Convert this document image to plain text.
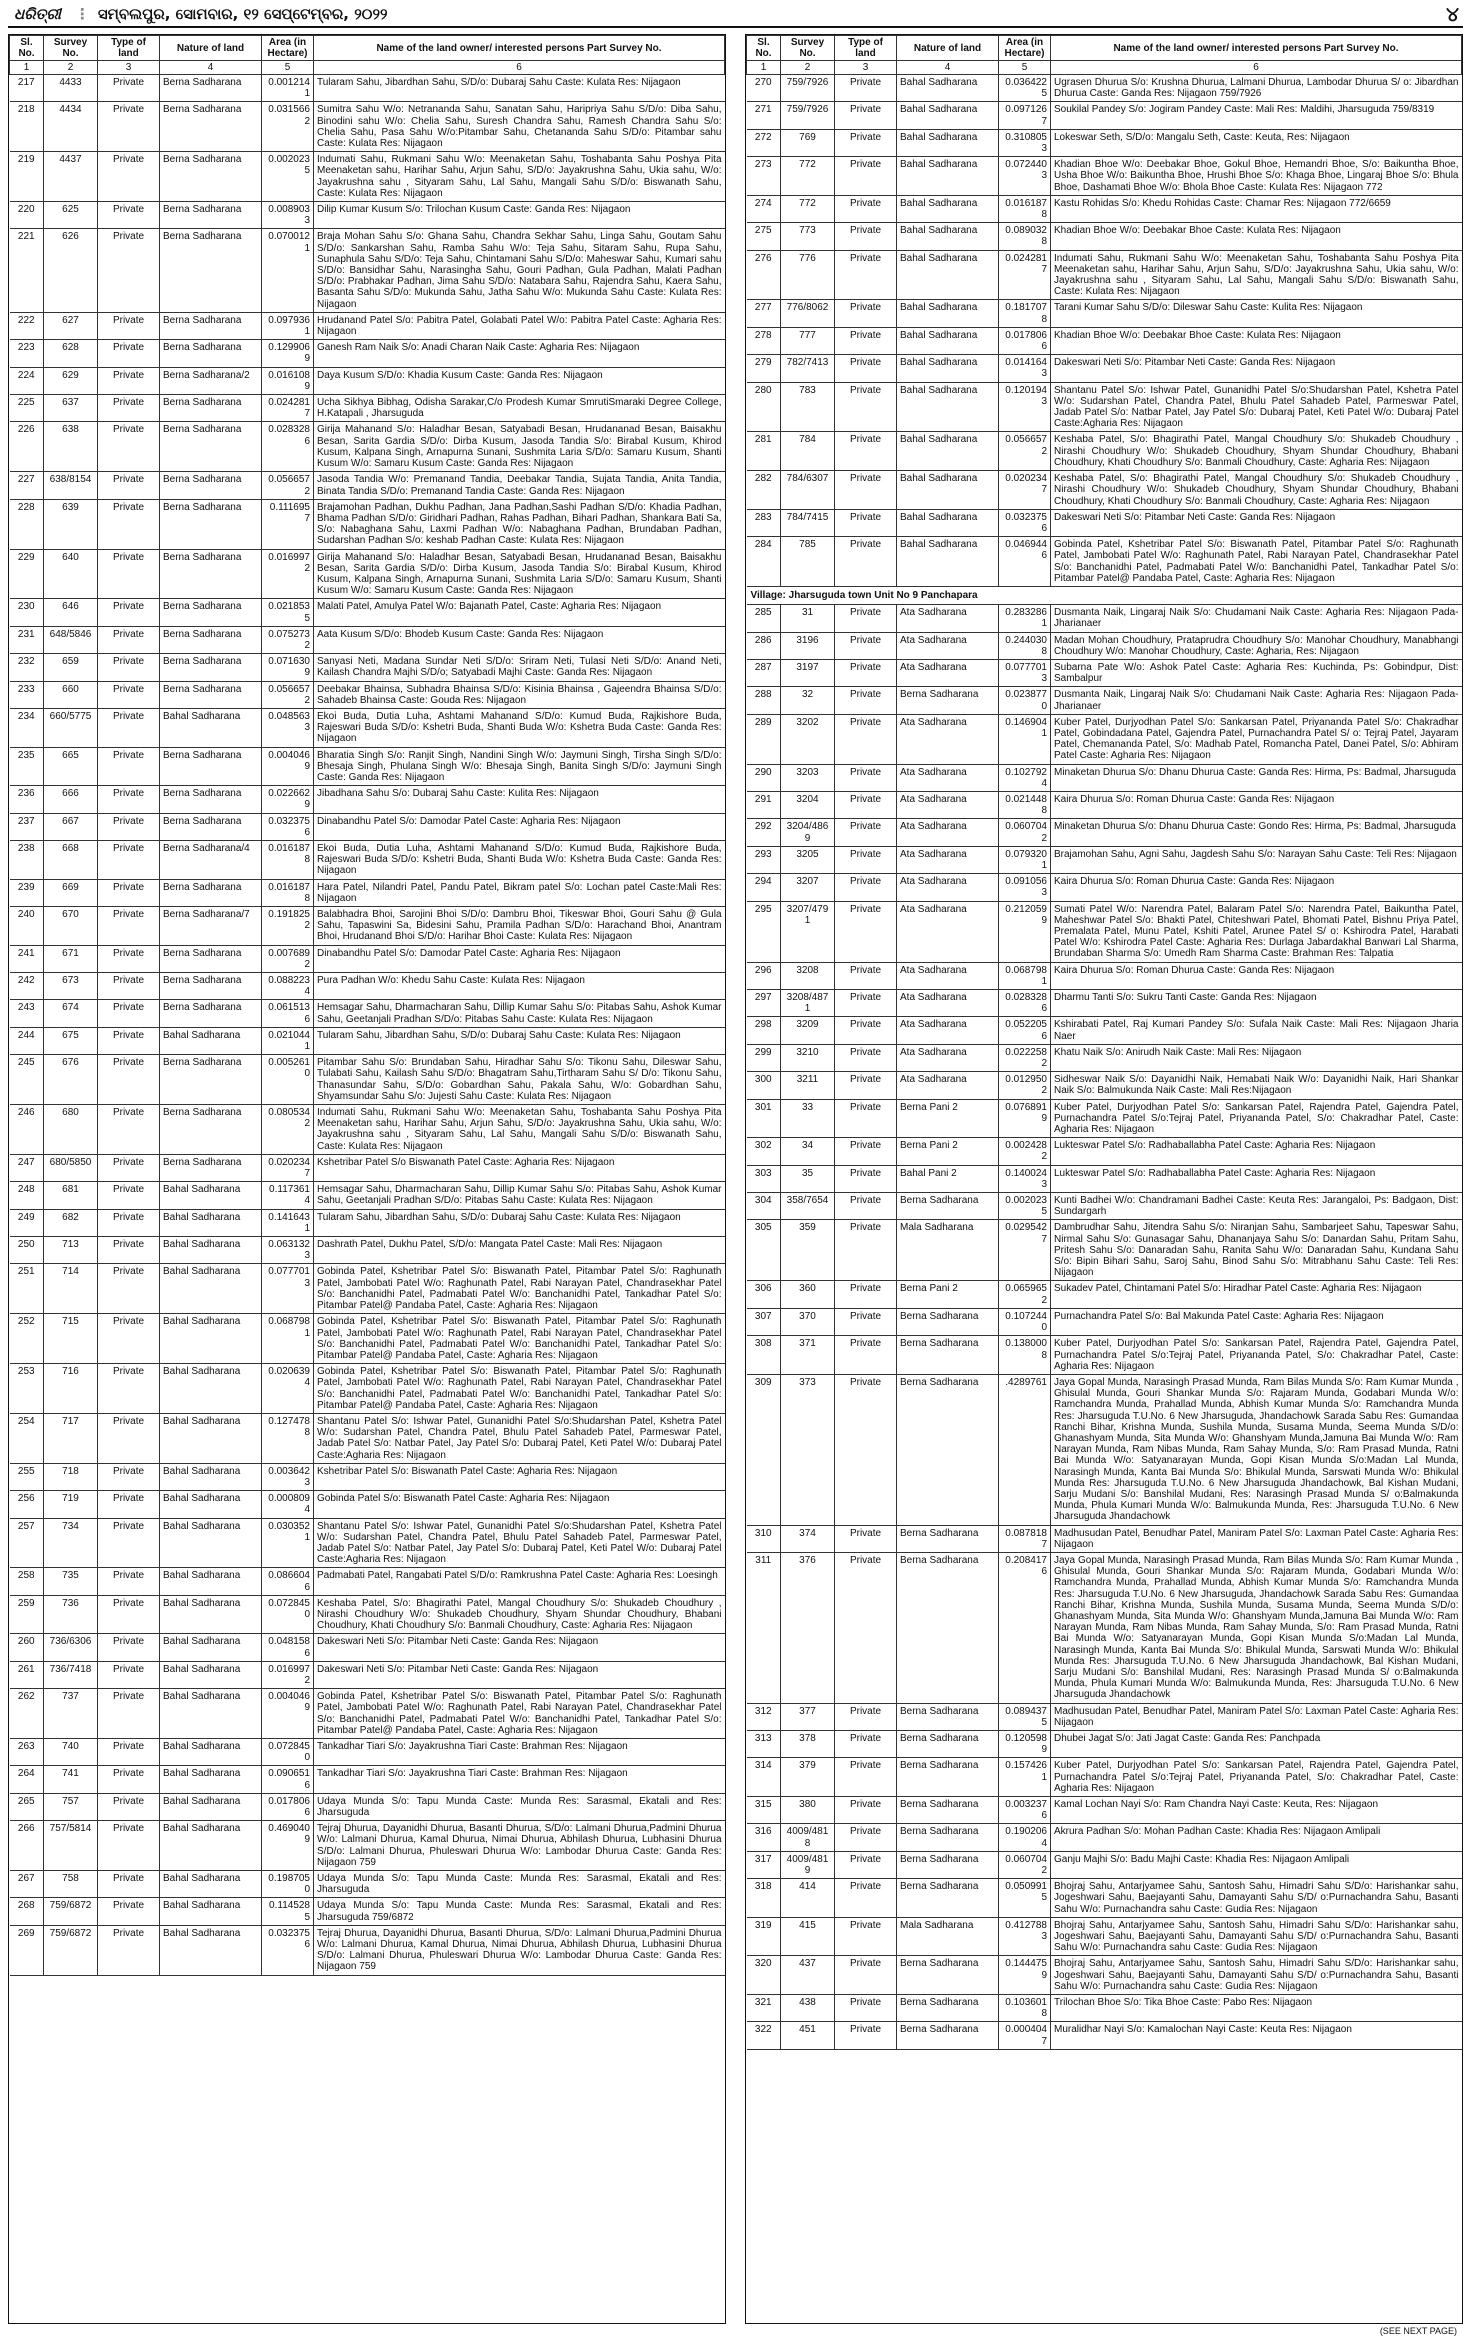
ଧରିତ୍ରୀ ⋮ ସମ୍ବଲପୁର, ସୋମବାର, ୧୨ ସେପ୍ଟେମ୍ବର, ୨୦୨୨	୪
Sl. No.	Survey No.	Type of land	Nature of land	Area (in Hectare)	Name of the land owner/ interested persons Part Survey No.
1	2	3	4	5	6
217	4433	Private	Berna Sadharana	0.0012141	Tularam Sahu, Jibardhan Sahu, S/D/o: Dubaraj Sahu Caste: Kulata Res: Nijagaon
218	4434	Private	Berna Sadharana	0.0315662	Sumitra Sahu W/o: Netrananda Sahu, Sanatan Sahu, Haripriya Sahu S/D/o: Diba Sahu, Binodini sahu W/o: Chelia Sahu, Suresh Chandra Sahu, Ramesh Chandra Sahu S/o: Chelia Sahu, Pasa Sahu W/o:Pitambar Sahu, Chetananda Sahu S/D/o: Pitambar sahu Caste: Kulata Res: Nijagaon
219	4437	Private	Berna Sadharana	0.0020235	Indumati Sahu, Rukmani Sahu W/o: Meenaketan Sahu, Toshabanta Sahu Poshya Pita Meenaketan sahu, Harihar Sahu, Arjun Sahu, S/D/o: Jayakrushna Sahu, Ukia sahu, W/o: Jayakrushna sahu , Sityaram Sahu, Lal Sahu, Mangali Sahu S/D/o: Biswanath Sahu, Caste: Kulata Res: Nijagaon
220	625	Private	Berna Sadharana	0.0089033	Dilip Kumar Kusum S/o: Trilochan Kusum Caste: Ganda Res: Nijagaon
221	626	Private	Berna Sadharana	0.0700121	Braja Mohan Sahu S/o: Ghana Sahu, Chandra Sekhar Sahu, Linga Sahu, Goutam Sahu S/D/o: Sankarshan Sahu, Ramba Sahu W/o: Teja Sahu, Sitaram Sahu, Rupa Sahu, Sunaphula Sahu S/D/o: Teja Sahu, Chintamani Sahu S/D/o: Maheswar Sahu, Kumari sahu S/D/o: Bansidhar Sahu, Narasingha Sahu, Gouri Padhan, Gula Padhan, Malati Padhan S/D/o: Prabhakar Padhan, Jima Sahu S/D/o: Natabara Sahu, Rajendra Sahu, Kaera Sahu, Basanta Sahu S/D/o: Mukunda Sahu, Jatha Sahu W/o: Mukunda Sahu Caste: Kulata Res: Nijagaon
222	627	Private	Berna Sadharana	0.0979361	Hrudanand Patel S/o: Pabitra Patel, Golabati Patel W/o: Pabitra Patel Caste: Agharia Res: Nijagaon
223	628	Private	Berna Sadharana	0.1299069	Ganesh Ram Naik S/o: Anadi Charan Naik Caste: Agharia Res: Nijagaon
224	629	Private	Berna Sadharana/2	0.0161089	Daya Kusum S/D/o: Khadia Kusum Caste: Ganda Res: Nijagaon
225	637	Private	Berna Sadharana	0.0242817	Ucha Sikhya Bibhag, Odisha Sarakar,C/o Prodesh Kumar SmrutiSmaraki Degree College, H.Katapali , Jharsuguda
226	638	Private	Berna Sadharana	0.0283286	Girija Mahanand S/o: Haladhar Besan, Satyabadi Besan, Hrudananad Besan, Baisakhu Besan, Sarita Gardia S/D/o: Dirba Kusum, Jasoda Tandia S/o: Birabal Kusum, Khirod Kusum, Kalpana Singh, Arnapurna Sunani, Sushmita Laria S/D/o: Samaru Kusum, Shanti Kusum W/o: Samaru Kusum Caste: Ganda Res: Nijagaon
227	638/8154	Private	Berna Sadharana	0.0566572	Jasoda Tandia W/o: Premanand Tandia, Deebakar Tandia, Sujata Tandia, Anita Tandia, Binata Tandia S/D/o: Premanand Tandia Caste: Ganda Res: Nijagaon
228	639	Private	Berna Sadharana	0.1116957	Brajamohan Padhan, Dukhu Padhan, Jana Padhan,Sashi Padhan S/D/o: Khadia Padhan, Bhama Padhan S/D/o: Giridhari Padhan, Rahas Padhan, Bihari Padhan, Shankara Bati Sa, S/o: Nabaghana Sahu, Laxmi Padhan W/o: Nabaghana Padhan, Brundaban Padhan, Sudarshan Padhan S/o: keshab Padhan Caste: Kulata Res: Nijagaon
229	640	Private	Berna Sadharana	0.0169972	Girija Mahanand S/o: Haladhar Besan, Satyabadi Besan, Hrudananad Besan, Baisakhu Besan, Sarita Gardia S/D/o: Dirba Kusum, Jasoda Tandia S/o: Birabal Kusum, Khirod Kusum, Kalpana Singh, Arnapurna Sunani, Sushmita Laria S/D/o: Samaru Kusum, Shanti Kusum W/o: Samaru Kusum Caste: Ganda Res: Nijagaon
230	646	Private	Berna Sadharana	0.0218535	Malati Patel, Amulya Patel W/o: Bajanath Patel, Caste: Agharia Res: Nijagaon
231	648/5846	Private	Berna Sadharana	0.0752732	Aata Kusum S/D/o: Bhodeb Kusum Caste: Ganda Res: Nijagaon
232	659	Private	Berna Sadharana	0.0716309	Sanyasi Neti, Madana Sundar Neti S/D/o: Sriram Neti, Tulasi Neti S/D/o: Anand Neti, Kailash Chandra Majhi S/D/o; Satyabadi Majhi Caste: Ganda Res: Nijagaon
233	660	Private	Berna Sadharana	0.0566572	Deebakar Bhainsa, Subhadra Bhainsa S/D/o: Kisinia Bhainsa , Gajeendra Bhainsa S/D/o: Sahadeb Bhainsa Caste: Gouda Res: Nijagaon
234	660/5775	Private	Bahal Sadharana	0.0485633	Ekoi Buda, Dutia Luha, Ashtami Mahanand S/D/o: Kumud Buda, Rajkishore Buda, Rajeswari Buda S/D/o: Kshetri Buda, Shanti Buda W/o: Kshetra Buda Caste: Ganda Res: Nijagaon
235	665	Private	Berna Sadharana	0.0040469	Bharatia Singh S/o: Ranjit Singh, Nandini Singh W/o: Jaymuni Singh, Tirsha Singh S/D/o: Bhesaja Singh, Phulana Singh W/o: Bhesaja Singh, Banita Singh S/D/o: Jaymuni Singh Caste: Ganda Res: Nijagaon
236	666	Private	Berna Sadharana	0.0226629	Jibadhana Sahu S/o: Dubaraj Sahu Caste: Kulita Res: Nijagaon
237	667	Private	Berna Sadharana	0.0323756	Dinabandhu Patel S/o: Damodar Patel Caste: Agharia Res: Nijagaon
238	668	Private	Berna Sadharana/4	0.0161878	Ekoi Buda, Dutia Luha, Ashtami Mahanand S/D/o: Kumud Buda, Rajkishore Buda, Rajeswari Buda S/D/o: Kshetri Buda, Shanti Buda W/o: Kshetra Buda Caste: Ganda Res: Nijagaon
239	669	Private	Berna Sadharana	0.0161878	Hara Patel, Nilandri Patel, Pandu Patel, Bikram patel S/o: Lochan patel Caste:Mali Res: Nijagaon
240	670	Private	Berna Sadharana/7	0.1918252	Balabhadra Bhoi, Sarojini Bhoi S/D/o: Dambru Bhoi, Tikeswar Bhoi, Gouri Sahu @ Gula Sahu, Tapaswini Sa, Bidesini Sahu, Pramila Padhan S/D/o: Harachand Bhoi, Anantram Bhoi, Hrudanand Bhoi S/D/o: Harihar Bhoi Caste: Kulata Res: Nijagaon
241	671	Private	Berna Sadharana	0.0076892	Dinabandhu Patel S/o: Damodar Patel Caste: Agharia Res: Nijagaon
242	673	Private	Berna Sadharana	0.0882234	Pura Padhan W/o: Khedu Sahu Caste: Kulata Res: Nijagaon
243	674	Private	Berna Sadharana	0.0615136	Hemsagar Sahu, Dharmacharan Sahu, Dillip Kumar Sahu S/o: Pitabas Sahu, Ashok Kumar Sahu, Geetanjali Pradhan S/D/o: Pitabas Sahu Caste: Kulata Res: Nijagaon
244	675	Private	Bahal Sadharana	0.0210441	Tularam Sahu, Jibardhan Sahu, S/D/o: Dubaraj Sahu Caste: Kulata Res: Nijagaon
245	676	Private	Berna Sadharana	0.0052610	Pitambar Sahu S/o: Brundaban Sahu, Hiradhar Sahu S/o: Tikonu Sahu, Dileswar Sahu, Tulabati Sahu, Kailash Sahu S/D/o: Bhagatram Sahu,Tirtharam Sahu S/ D/o: Tikonu Sahu, Thanasundar Sahu, S/D/o: Gobardhan Sahu, Pakala Sahu, W/o: Gobardhan Sahu, Shyamsundar Sahu S/o: Jujesti Sahu Caste: Kulata Res: Nijagaon
246	680	Private	Berna Sadharana	0.0805342	Indumati Sahu, Rukmani Sahu W/o: Meenaketan Sahu, Toshabanta Sahu Poshya Pita Meenaketan sahu, Harihar Sahu, Arjun Sahu, S/D/o: Jayakrushna Sahu, Ukia sahu, W/o: Jayakrushna sahu , Sityaram Sahu, Lal Sahu, Mangali Sahu S/D/o: Biswanath Sahu, Caste: Kulata Res: Nijagaon
247	680/5850	Private	Berna Sadharana	0.0202347	Kshetribar Patel S/o Biswanath Patel Caste: Agharia Res: Nijagaon
248	681	Private	Bahal Sadharana	0.1173614	Hemsagar Sahu, Dharmacharan Sahu, Dillip Kumar Sahu S/o: Pitabas Sahu, Ashok Kumar Sahu, Geetanjali Pradhan S/D/o: Pitabas Sahu Caste: Kulata Res: Nijagaon
249	682	Private	Bahal Sadharana	0.1416431	Tularam Sahu, Jibardhan Sahu, S/D/o: Dubaraj Sahu Caste: Kulata Res: Nijagaon
250	713	Private	Bahal Sadharana	0.0631323	Dashrath Patel, Dukhu Patel, S/D/o: Mangata Patel Caste: Mali Res: Nijagaon
251	714	Private	Bahal Sadharana	0.0777013	Gobinda Patel, Kshetribar Patel S/o: Biswanath Patel, Pitambar Patel S/o: Raghunath Patel, Jambobati Patel W/o: Raghunath Patel, Rabi Narayan Patel, Chandrasekhar Patel S/o: Banchanidhi Patel, Padmabati Patel W/o: Banchanidhi Patel, Tankadhar Patel S/o: Pitambar Patel@ Pandaba Patel, Caste: Agharia Res: Nijagaon
252	715	Private	Bahal Sadharana	0.0687981	Gobinda Patel, Kshetribar Patel S/o: Biswanath Patel, Pitambar Patel S/o: Raghunath Patel, Jambobati Patel W/o: Raghunath Patel, Rabi Narayan Patel, Chandrasekhar Patel S/o: Banchanidhi Patel, Padmabati Patel W/o: Banchanidhi Patel, Tankadhar Patel S/o: Pitambar Patel@ Pandaba Patel, Caste: Agharia Res: Nijagaon
253	716	Private	Bahal Sadharana	0.0206394	Gobinda Patel, Kshetribar Patel S/o: Biswanath Patel, Pitambar Patel S/o: Raghunath Patel, Jambobati Patel W/o: Raghunath Patel, Rabi Narayan Patel, Chandrasekhar Patel S/o: Banchanidhi Patel, Padmabati Patel W/o: Banchanidhi Patel, Tankadhar Patel S/o: Pitambar Patel@ Pandaba Patel, Caste: Agharia Res: Nijagaon
254	717	Private	Bahal Sadharana	0.1274788	Shantanu Patel S/o: Ishwar Patel, Gunanidhi Patel S/o:Shudarshan Patel, Kshetra Patel W/o: Sudarshan Patel, Chandra Patel, Bhulu Patel Sahadeb Patel, Parmeswar Patel, Jadab Patel S/o: Natbar Patel, Jay Patel S/o: Dubaraj Patel, Keti Patel W/o: Dubaraj Patel Caste:Agharia Res: Nijagaon
255	718	Private	Bahal Sadharana	0.0036423	Kshetribar Patel S/o: Biswanath Patel Caste: Agharia Res: Nijagaon
256	719	Private	Bahal Sadharana	0.0008094	Gobinda Patel S/o: Biswanath Patel Caste: Agharia Res: Nijagaon
257	734	Private	Bahal Sadharana	0.0303521	Shantanu Patel S/o: Ishwar Patel, Gunanidhi Patel S/o:Shudarshan Patel, Kshetra Patel W/o: Sudarshan Patel, Chandra Patel, Bhulu Patel Sahadeb Patel, Parmeswar Patel, Jadab Patel S/o: Natbar Patel, Jay Patel S/o: Dubaraj Patel, Keti Patel W/o: Dubaraj Patel Caste:Agharia Res: Nijagaon
258	735	Private	Bahal Sadharana	0.0866046	Padmabati Patel, Rangabati Patel S/D/o: Ramkrushna Patel Caste: Agharia Res: Loesingh
259	736	Private	Bahal Sadharana	0.0728450	Keshaba Patel, S/o: Bhagirathi Patel, Mangal Choudhury S/o: Shukadeb Choudhury , Nirashi Choudhury W/o: Shukadeb Choudhury, Shyam Shundar Choudhury, Bhabani Choudhury, Khati Choudhury S/o: Banmali Choudhury, Caste: Agharia Res: Nijagaon
260	736/6306	Private	Bahal Sadharana	0.0481586	Dakeswari Neti S/o: Pitambar Neti Caste: Ganda Res: Nijagaon
261	736/7418	Private	Bahal Sadharana	0.0169972	Dakeswari Neti S/o: Pitambar Neti Caste: Ganda Res: Nijagaon
262	737	Private	Bahal Sadharana	0.0040469	Gobinda Patel, Kshetribar Patel S/o: Biswanath Patel, Pitambar Patel S/o: Raghunath Patel, Jambobati Patel W/o: Raghunath Patel, Rabi Narayan Patel, Chandrasekhar Patel S/o: Banchanidhi Patel, Padmabati Patel W/o: Banchanidhi Patel, Tankadhar Patel S/o: Pitambar Patel@ Pandaba Patel, Caste: Agharia Res: Nijagaon
263	740	Private	Bahal Sadharana	0.0728450	Tankadhar Tiari S/o: Jayakrushna Tiari Caste: Brahman Res: Nijagaon
264	741	Private	Bahal Sadharana	0.0906516	Tankadhar Tiari S/o: Jayakrushna Tiari Caste: Brahman Res: Nijagaon
265	757	Private	Bahal Sadharana	0.0178066	Udaya Munda S/o: Tapu Munda Caste: Munda Res: Sarasmal, Ekatali and Res: Jharsuguda
266	757/5814	Private	Bahal Sadharana	0.4690409	Tejraj Dhurua, Dayanidhi Dhurua, Basanti Dhurua, S/D/o: Lalmani Dhurua,Padmini Dhurua W/o: Lalmani Dhurua, Kamal Dhurua, Nimai Dhurua, Abhilash Dhurua, Lubhasini Dhurua S/D/o: Lalmani Dhurua, Phuleswari Dhurua W/o: Lambodar Dhurua Caste: Ganda Res: Nijagaon 759
267	758	Private	Bahal Sadharana	0.1987050	Udaya Munda S/o: Tapu Munda Caste: Munda Res: Sarasmal, Ekatali and Res: Jharsuguda
268	759/6872	Private	Bahal Sadharana	0.1145285	Udaya Munda S/o: Tapu Munda Caste: Munda Res: Sarasmal, Ekatali and Res: Jharsuguda 759/6872
269	759/6872	Private	Bahal Sadharana	0.0323756	Tejraj Dhurua, Dayanidhi Dhurua, Basanti Dhurua, S/D/o: Lalmani Dhurua,Padmini Dhurua W/o: Lalmani Dhurua, Kamal Dhurua, Nimai Dhurua, Abhilash Dhurua, Lubhasini Dhurua S/D/o: Lalmani Dhurua, Phuleswari Dhurua W/o: Lambodar Dhurua Caste: Ganda Res: Nijagaon 759
Sl. No.	Survey No.	Type of land	Nature of land	Area (in Hectare)	Name of the land owner/ interested persons Part Survey No.
1	2	3	4	5	6
270	759/7926	Private	Bahal Sadharana	0.0364225	Ugrasen Dhurua S/o: Krushna Dhurua, Lalmani Dhurua, Lambodar Dhurua S/ o: Jibardhan Dhurua Caste: Ganda Res: Nijagaon 759/7926
271	759/7926	Private	Bahal Sadharana	0.0971267	Soukilal Pandey S/o: Jogiram Pandey Caste: Mali Res: Maldihi, Jharsuguda 759/8319
272	769	Private	Bahal Sadharana	0.3108053	Lokeswar Seth, S/D/o: Mangalu Seth, Caste: Keuta, Res: Nijagaon
273	772	Private	Bahal Sadharana	0.0724403	Khadian Bhoe W/o: Deebakar Bhoe, Gokul Bhoe, Hemandri Bhoe, S/o: Baikuntha Bhoe, Usha Bhoe W/o: Baikuntha Bhoe, Hrushi Bhoe S/o: Khaga Bhoe, Lingaraj Bhoe S/o: Bhula Bhoe, Dashamati Bhoe W/o: Bhola Bhoe Caste: Kulata Res: Nijagaon 772
274	772	Private	Bahal Sadharana	0.0161878	Kastu Rohidas S/o: Khedu Rohidas Caste: Chamar Res: Nijagaon 772/6659
275	773	Private	Bahal Sadharana	0.0890328	Khadian Bhoe W/o: Deebakar Bhoe Caste: Kulata Res: Nijagaon
276	776	Private	Bahal Sadharana	0.0242817	Indumati Sahu, Rukmani Sahu W/o: Meenaketan Sahu, Toshabanta Sahu Poshya Pita Meenaketan sahu, Harihar Sahu, Arjun Sahu, S/D/o: Jayakrushna Sahu, Ukia sahu, W/o: Jayakrushna sahu , Sityaram Sahu, Lal Sahu, Mangali Sahu S/D/o: Biswanath Sahu, Caste: Kulata Res: Nijagaon
277	776/8062	Private	Bahal Sadharana	0.1817078	Tarani Kumar Sahu S/D/o: Dileswar Sahu Caste: Kulita Res: Nijagaon
278	777	Private	Bahal Sadharana	0.0178066	Khadian Bhoe W/o: Deebakar Bhoe Caste: Kulata Res: Nijagaon
279	782/7413	Private	Bahal Sadharana	0.0141643	Dakeswari Neti S/o: Pitambar Neti Caste: Ganda Res: Nijagaon
280	783	Private	Bahal Sadharana	0.1201943	Shantanu Patel S/o: Ishwar Patel, Gunanidhi Patel S/o:Shudarshan Patel, Kshetra Patel W/o: Sudarshan Patel, Chandra Patel, Bhulu Patel Sahadeb Patel, Parmeswar Patel, Jadab Patel S/o: Natbar Patel, Jay Patel S/o: Dubaraj Patel, Keti Patel W/o: Dubaraj Patel Caste:Agharia Res: Nijagaon
281	784	Private	Bahal Sadharana	0.0566572	Keshaba Patel, S/o: Bhagirathi Patel, Mangal Choudhury S/o: Shukadeb Choudhury , Nirashi Choudhury W/o: Shukadeb Choudhury, Shyam Shundar Choudhury, Bhabani Choudhury, Khati Choudhury S/o: Banmali Choudhury, Caste: Agharia Res: Nijagaon
282	784/6307	Private	Bahal Sadharana	0.0202347	Keshaba Patel, S/o: Bhagirathi Patel, Mangal Choudhury S/o: Shukadeb Choudhury , Nirashi Choudhury W/o: Shukadeb Choudhury, Shyam Shundar Choudhury, Bhabani Choudhury, Khati Choudhury S/o: Banmali Choudhury, Caste: Agharia Res: Nijagaon
283	784/7415	Private	Bahal Sadharana	0.0323756	Dakeswari Neti S/o: Pitambar Neti Caste: Ganda Res: Nijagaon
284	785	Private	Bahal Sadharana	0.0469446	Gobinda Patel, Kshetribar Patel S/o: Biswanath Patel, Pitambar Patel S/o: Raghunath Patel, Jambobati Patel W/o: Raghunath Patel, Rabi Narayan Patel, Chandrasekhar Patel S/o: Banchanidhi Patel, Padmabati Patel W/o: Banchanidhi Patel, Tankadhar Patel S/o: Pitambar Patel@ Pandaba Patel, Caste: Agharia Res: Nijagaon
Village: Jharsuguda town Unit No 9 Panchapara					
285	31	Private	Ata Sadharana	0.2832861	Dusmanta Naik, Lingaraj Naik S/o: Chudamani Naik Caste: Agharia Res: Nijagaon Pada-Jharianaer
286	3196	Private	Ata Sadharana	0.2440308	Madan Mohan Choudhury, Prataprudra Choudhury S/o: Manohar Choudhury, Manabhangi Choudhury W/o: Manohar Choudhury, Caste: Agharia, Res: Nijagaon
287	3197	Private	Ata Sadharana	0.0777013	Subarna Pate W/o: Ashok Patel Caste: Agharia Res: Kuchinda, Ps: Gobindpur, Dist: Sambalpur
288	32	Private	Berna Sadharana	0.0238770	Dusmanta Naik, Lingaraj Naik S/o: Chudamani Naik Caste: Agharia Res: Nijagaon Pada-Jharianaer
289	3202	Private	Ata Sadharana	0.1469041	Kuber Patel, Durjyodhan Patel S/o: Sankarsan Patel, Priyananda Patel S/o: Chakradhar Patel, Gobindadana Patel, Gajendra Patel, Purnachandra Patel S/ o: Tejraj Patel, Jayaram Patel, Chemananda Patel, S/o: Madhab Patel, Romancha Patel, Danei Patel, S/o: Abhiram Patel Caste: Agharia Res: Nijagaon
290	3203	Private	Ata Sadharana	0.1027924	Minaketan Dhurua S/o: Dhanu Dhurua Caste: Ganda Res: Hirma, Ps: Badmal, Jharsuguda
291	3204	Private	Ata Sadharana	0.0214488	Kaira Dhurua S/o: Roman Dhurua Caste: Ganda Res: Nijagaon
292	3204/4869	Private	Ata Sadharana	0.0607042	Minaketan Dhurua S/o: Dhanu Dhurua Caste: Gondo Res: Hirma, Ps: Badmal, Jharsuguda
293	3205	Private	Ata Sadharana	0.0793201	Brajamohan Sahu, Agni Sahu, Jagdesh Sahu S/o: Narayan Sahu Caste: Teli Res: Nijagaon
294	3207	Private	Ata Sadharana	0.0910563	Kaira Dhurua S/o: Roman Dhurua Caste: Ganda Res: Nijagaon
295	3207/4791	Private	Ata Sadharana	0.2120599	Sumati Patel W/o: Narendra Patel, Balaram Patel S/o: Narendra Patel, Baikuntha Patel, Maheshwar Patel S/o: Bhakti Patel, Chiteshwari Patel, Bhomati Patel, Bishnu Priya Patel, Premalata Patel, Munu Patel, Kshiti Patel, Arunee Patel S/ o: Kshirodra Patel, Harabati Patel W/o: Kshirodra Patel Caste: Agharia Res: Durlaga Jabardakhal Banwari Lal Sharma, Brundaban Sharma S/o: Umedh Ram Sharma Caste: Brahman Res: Talpatia
296	3208	Private	Ata Sadharana	0.0687981	Kaira Dhurua S/o: Roman Dhurua Caste: Ganda Res: Nijagaon
297	3208/4871	Private	Ata Sadharana	0.0283286	Dharmu Tanti S/o: Sukru Tanti Caste: Ganda Res: Nijagaon
298	3209	Private	Ata Sadharana	0.0522056	Kshirabati Patel, Raj Kumari Pandey S/o: Sufala Naik Caste: Mali Res: Nijagaon Jharia Naer
299	3210	Private	Ata Sadharana	0.0222582	Khatu Naik S/o: Anirudh Naik Caste: Mali Res: Nijagaon
300	3211	Private	Ata Sadharana	0.0129502	Sidheswar Naik S/o: Dayanidhi Naik, Hemabati Naik W/o: Dayanidhi Naik, Hari Shankar Naik S/o: Balmukunda Naik Caste: Mali Res:Nijagaon
301	33	Private	Berna Pani 2	0.0768919	Kuber Patel, Durjyodhan Patel S/o: Sankarsan Patel, Rajendra Patel, Gajendra Patel, Purnachandra Patel S/o:Tejraj Patel, Priyananda Patel, S/o: Chakradhar Patel, Caste: Agharia Res: Nijagaon
302	34	Private	Berna Pani 2	0.0024282	Lukteswar Patel S/o: Radhaballabha Patel Caste: Agharia Res: Nijagaon
303	35	Private	Bahal Pani 2	0.1400243	Lukteswar Patel S/o: Radhaballabha Patel Caste: Agharia Res: Nijagaon
304	358/7654	Private	Berna Sadharana	0.0020235	Kunti Badhei W/o: Chandramani Badhei Caste: Keuta Res: Jarangaloi, Ps: Badgaon, Dist: Sundargarh
305	359	Private	Mala Sadharana	0.0295427	Dambrudhar Sahu, Jitendra Sahu S/o: Niranjan Sahu, Sambarjeet Sahu, Tapeswar Sahu, Nirmal Sahu S/o: Gunasagar Sahu, Dhananjaya Sahu S/o: Danardan Sahu, Pritam Sahu, Pritesh Sahu S/o: Danaradan Sahu, Ranita Sahu W/o: Danaradan Sahu, Kundana Sahu S/o: Bipin Bihari Sahu, Saroj Sahu, Binod Sahu S/o: Mitrabhanu Sahu Caste: Teli Res: Nijagaon
306	360	Private	Berna Pani 2	0.0659652	Sukadev Patel, Chintamani Patel S/o: Hiradhar Patel Caste: Agharia Res: Nijagaon
307	370	Private	Berna Sadharana	0.1072440	Purnachandra Patel S/o: Bal Makunda Patel Caste: Agharia Res: Nijagaon
308	371	Private	Berna Sadharana	0.1380008	Kuber Patel, Durjyodhan Patel S/o: Sankarsan Patel, Rajendra Patel, Gajendra Patel, Purnachandra Patel S/o:Tejraj Patel, Priyananda Patel, S/o: Chakradhar Patel, Caste: Agharia Res: Nijagaon
309	373	Private	Berna Sadharana	.4289761	Jaya Gopal Munda, Narasingh Prasad Munda, Ram Bilas Munda S/o: Ram Kumar Munda , Ghisulal Munda, Gouri Shankar Munda S/o: Rajaram Munda, Godabari Munda W/o: Ramchandra Munda, Prahallad Munda, Abhish Kumar Munda S/o: Ramchandra Munda Res: Jharsuguda T.U.No. 6 New Jharsuguda, Jhandachowk Sarada Sabu Res: Gumandaa Ranchi Bihar, Krishna Munda, Sushila Munda, Susama Munda, Seema Munda S/D/o: Ghanashyam Munda, Sita Munda W/o: Ghanshyam Munda,Jamuna Bai Munda W/o: Ram Narayan Munda, Ram Nibas Munda, Ram Sahay Munda, S/o: Ram Prasad Munda, Ratni Bai Munda W/o: Satyanarayan Munda, Gopi Kisan Munda S/o:Madan Lal Munda, Narasingh Munda, Kanta Bai Munda S/o: Bhikulal Munda, Sarswati Munda W/o: Bhikulal Munda Res: Jharsuguda T.U.No. 6 New Jharsuguda Jhandachowk, Bal Kishan Mudani, Sarju Mudani S/o: Banshilal Mudani, Res: Narasingh Prasad Munda S/ o:Balmakunda Munda, Phula Kumari Munda W/o: Balmukunda Munda, Res: Jharsuguda T.U.No. 6 New Jharsuguda Jhandachowk
310	374	Private	Berna Sadharana	0.0878187	Madhusudan Patel, Benudhar Patel, Maniram Patel S/o: Laxman Patel Caste: Agharia Res: Nijagaon
311	376	Private	Berna Sadharana	0.2084176	Jaya Gopal Munda, Narasingh Prasad Munda, Ram Bilas Munda S/o: Ram Kumar Munda , Ghisulal Munda, Gouri Shankar Munda S/o: Rajaram Munda, Godabari Munda W/o: Ramchandra Munda, Prahallad Munda, Abhish Kumar Munda S/o: Ramchandra Munda Res: Jharsuguda T.U.No. 6 New Jharsuguda, Jhandachowk Sarada Sabu Res: Gumandaa Ranchi Bihar, Krishna Munda, Sushila Munda, Susama Munda, Seema Munda S/D/o: Ghanashyam Munda, Sita Munda W/o: Ghanshyam Munda,Jamuna Bai Munda W/o: Ram Narayan Munda, Ram Nibas Munda, Ram Sahay Munda, S/o: Ram Prasad Munda, Ratni Bai Munda W/o: Satyanarayan Munda, Gopi Kisan Munda S/o:Madan Lal Munda, Narasingh Munda, Kanta Bai Munda S/o: Bhikulal Munda, Sarswati Munda W/o: Bhikulal Munda Res: Jharsuguda T.U.No. 6 New Jharsuguda Jhandachowk, Bal Kishan Mudani, Sarju Mudani S/o: Banshilal Mudani, Res: Narasingh Prasad Munda S/ o:Balmakunda Munda, Phula Kumari Munda W/o: Balmukunda Munda, Res: Jharsuguda T.U.No. 6 New Jharsuguda Jhandachowk
312	377	Private	Berna Sadharana	0.0894375	Madhusudan Patel, Benudhar Patel, Maniram Patel S/o: Laxman Patel Caste: Agharia Res: Nijagaon
313	378	Private	Berna Sadharana	0.1205989	Dhubei Jagat S/o: Jati Jagat Caste: Ganda Res: Panchpada
314	379	Private	Berna Sadharana	0.1574261	Kuber Patel, Durjyodhan Patel S/o: Sankarsan Patel, Rajendra Patel, Gajendra Patel, Purnachandra Patel S/o:Tejraj Patel, Priyananda Patel, S/o: Chakradhar Patel, Caste: Agharia Res: Nijagaon
315	380	Private	Berna Sadharana	0.0032376	Kamal Lochan Nayi S/o: Ram Chandra Nayi Caste: Keuta, Res: Nijagaon
316	4009/4818	Private	Berna Sadharana	0.1902064	Akrura Padhan S/o: Mohan Padhan Caste: Khadia Res: Nijagaon Amlipali
317	4009/4819	Private	Berna Sadharana	0.0607042	Ganju Majhi S/o: Badu Majhi Caste: Khadia Res: Nijagaon Amlipali
318	414	Private	Berna Sadharana	0.0509915	Bhojraj Sahu, Antarjyamee Sahu, Santosh Sahu, Himadri Sahu S/D/o: Harishankar sahu, Jogeshwari Sahu, Baejayanti Sahu, Damayanti Sahu S/D/ o:Purnachandra Sahu, Basanti Sahu W/o: Purnachandra sahu Caste: Gudia Res: Nijagaon
319	415	Private	Mala Sadharana	0.4127883	Bhojraj Sahu, Antarjyamee Sahu, Santosh Sahu, Himadri Sahu S/D/o: Harishankar sahu, Jogeshwari Sahu, Baejayanti Sahu, Damayanti Sahu S/D/ o:Purnachandra Sahu, Basanti Sahu W/o: Purnachandra sahu Caste: Gudia Res: Nijagaon
320	437	Private	Berna Sadharana	0.1444759	Bhojraj Sahu, Antarjyamee Sahu, Santosh Sahu, Himadri Sahu S/D/o: Harishankar sahu, Jogeshwari Sahu, Baejayanti Sahu, Damayanti Sahu S/D/ o:Purnachandra Sahu, Basanti Sahu W/o: Purnachandra sahu Caste: Gudia Res: Nijagaon
321	438	Private	Berna Sadharana	0.1036018	Trilochan Bhoe S/o: Tika Bhoe Caste: Pabo Res: Nijagaon
322	451	Private	Berna Sadharana	0.0004047	Muralidhar Nayi S/o: Kamalochan Nayi Caste: Keuta Res: Nijagaon
(SEE NEXT PAGE)
